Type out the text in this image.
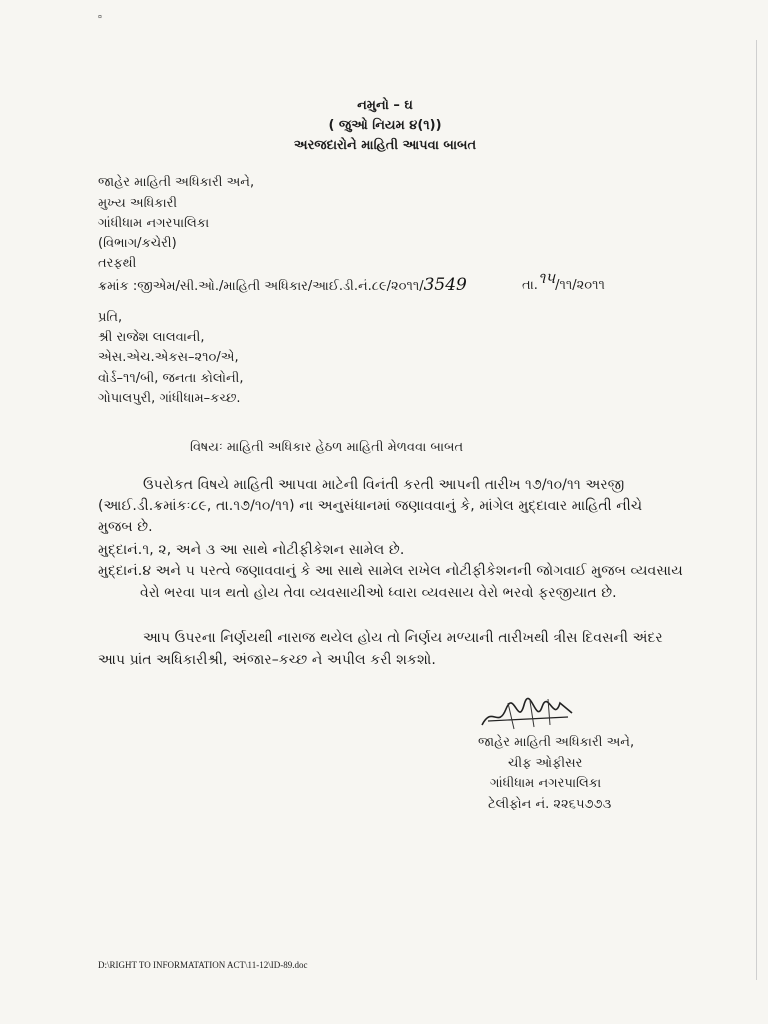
¤
નમુનો – ઘ
( જુઓ નિયમ ૪(૧))
અરજદારોને માહિતી આપવા બાબત
જાહેર માહિતી અધિકારી અને,
મુખ્ય અધિકારી
ગાંધીધામ નગરપાલિકા
(વિભાગ/કચેરી)
તરફથી
ક્રમાંક :જીએમ/સી.ઓ./માહિતી અધિકાર/આઈ.ડી.નં.૮૯/૨૦૧૧/3549	તા.૧૫/૧૧/૨૦૧૧
પ્રતિ,
શ્રી રાજેશ લાલવાની,
એસ.એચ.એકસ–૨૧૦/એ,
વોર્ડ–૧૧/બી, જનતા કોલોની,
ગોપાલપુરી, ગાંધીધામ–કચ્છ.
વિષયઃ માહિતી અધિકાર હેઠળ માહિતી મેળવવા બાબત
ઉપરોકત વિષયે માહિતી આપવા માટેની વિનંતી કરતી આપની તારીખ ૧૭/૧૦/૧૧ અરજી
(આઈ.ડી.ક્રમાંકઃ૮૯, તા.૧૭/૧૦/૧૧) ના અનુસંધાનમાં જણાવવાનું કે, માંગેલ મુદ્દાવાર માહિતી નીચે
મુજબ છે.
મુદ્દાનં.૧, ૨, અને ૩ આ સાથે નોટીફીકેશન સામેલ છે.
મુદ્દાનં.૪ અને ૫ પરત્વે જણાવવાનું કે આ સાથે સામેલ રાખેલ નોટીફીકેશનની જોગવાઈ મુજબ વ્યવસાય
વેરો ભરવા પાત્ર થતો હોય તેવા વ્યવસાયીઓ ધ્વારા વ્યવસાય વેરો ભરવો ફરજીયાત છે.
આપ ઉપરના નિર્ણયથી નારાજ થયેલ હોય તો નિર્ણય મળ્યાની તારીખથી ત્રીસ દિવસની અંદર
આપ પ્રાંત અધિકારીશ્રી, અંજાર–કચ્છ ને અપીલ કરી શકશો.
જાહેર માહિતી અધિકારી અને,
ચીફ ઓફીસર
ગાંધીધામ નગરપાલિકા
ટેલીફોન નં. ૨૨૬૫૭૭૩
D:\RIGHT TO INFORMATATION ACT\11-12\ID-89.doc
